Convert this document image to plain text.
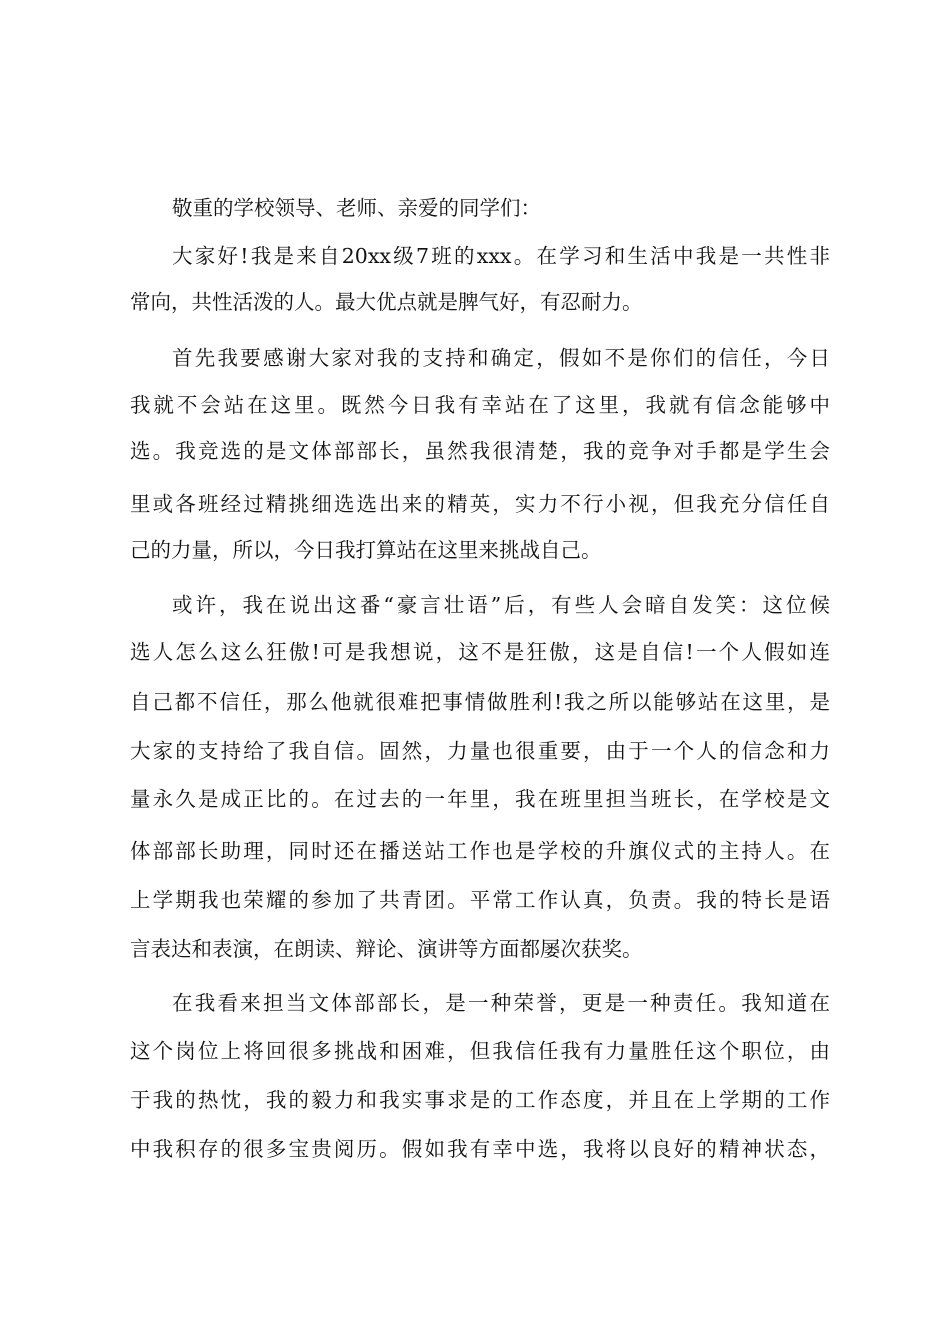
敬重的学校领导、老师、亲爱的同学们：
大家好!我是来自20xx级7班的xxx。在学习和生活中我是一共性非
常向，共性活泼的人。最大优点就是脾气好，有忍耐力。
首先我要感谢大家对我的支持和确定，假如不是你们的信任，今日
我就不会站在这里。既然今日我有幸站在了这里，我就有信念能够中
选。我竞选的是文体部部长，虽然我很清楚，我的竞争对手都是学生会
里或各班经过精挑细选选出来的精英，实力不行小视，但我充分信任自
己的力量，所以，今日我打算站在这里来挑战自己。
或许，我在说出这番“豪言壮语”后，有些人会暗自发笑：这位候
选人怎么这么狂傲!可是我想说，这不是狂傲，这是自信!一个人假如连
自己都不信任，那么他就很难把事情做胜利!我之所以能够站在这里，是
大家的支持给了我自信。固然，力量也很重要，由于一个人的信念和力
量永久是成正比的。在过去的一年里，我在班里担当班长，在学校是文
体部部长助理，同时还在播送站工作也是学校的升旗仪式的主持人。在
上学期我也荣耀的参加了共青团。平常工作认真，负责。我的特长是语
言表达和表演，在朗读、辩论、演讲等方面都屡次获奖。
在我看来担当文体部部长，是一种荣誉，更是一种责任。我知道在
这个岗位上将回很多挑战和困难，但我信任我有力量胜任这个职位，由
于我的热忱，我的毅力和我实事求是的工作态度，并且在上学期的工作
中我积存的很多宝贵阅历。假如我有幸中选，我将以良好的精神状态，
